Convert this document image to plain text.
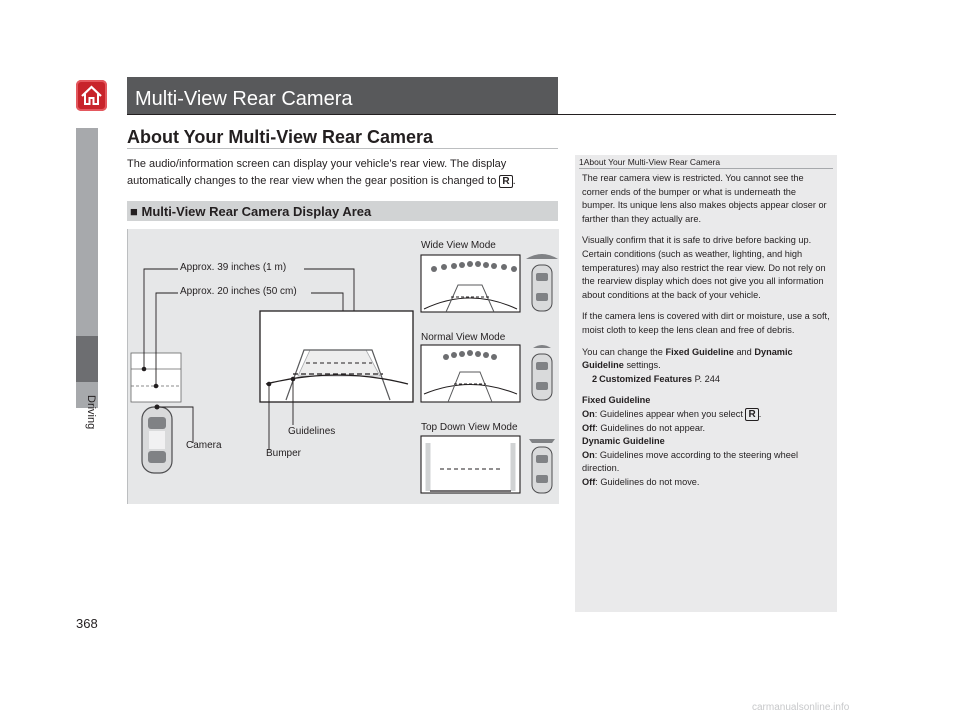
Driving
Multi-View Rear Camera
About Your Multi-View Rear Camera
The audio/information screen can display your vehicle’s rear view. The display
automatically changes to the rear view when the gear position is changed to R .
■ Multi-View Rear Camera Display Area
Approx. 39 inches (1 m)
Approx. 20 inches (50 cm)
Wide View Mode
Normal View Mode
Top Down View Mode
Camera
Guidelines
Bumper
1About Your Multi-View Rear Camera

The rear camera view is restricted. You cannot see the corner ends of the bumper or what is underneath the bumper. Its unique lens also makes objects appear closer or farther than they actually are.

Visually confirm that it is safe to drive before backing up. Certain conditions (such as weather, lighting, and high temperatures) may also restrict the rear view. Do not rely on the rearview display which does not give you all information about conditions at the back of your vehicle.

If the camera lens is covered with dirt or moisture, use a soft, moist cloth to keep the lens clean and free of debris.

You can change the Fixed Guideline and Dynamic Guideline settings.
2 Customized Features P. 244

Fixed Guideline

On: Guidelines appear when you select R .

Off: Guidelines do not appear.

Dynamic Guideline

On: Guidelines move according to the steering wheel direction.

Off: Guidelines do not move.

368
carmanualsonline.info
